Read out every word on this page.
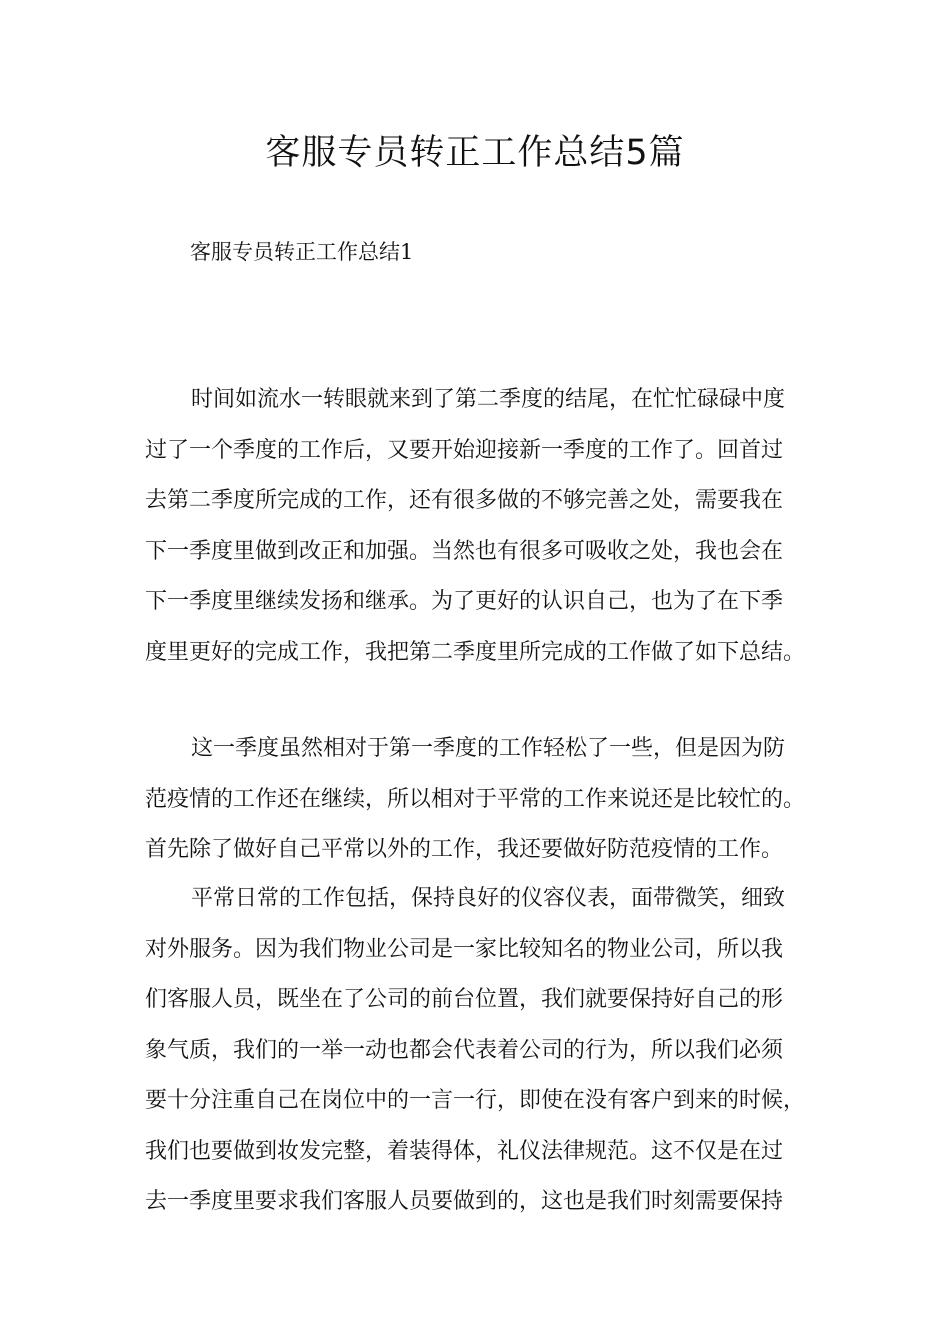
客服专员转正工作总结5篇

客服专员转正工作总结1

时间如流水一转眼就来到了第二季度的结尾，在忙忙碌碌中度
过了一个季度的工作后，又要开始迎接新一季度的工作了。回首过
去第二季度所完成的工作，还有很多做的不够完善之处，需要我在
下一季度里做到改正和加强。当然也有很多可吸收之处，我也会在
下一季度里继续发扬和继承。为了更好的认识自己，也为了在下季
度里更好的完成工作，我把第二季度里所完成的工作做了如下总结。

这一季度虽然相对于第一季度的工作轻松了一些，但是因为防
范疫情的工作还在继续，所以相对于平常的工作来说还是比较忙的。
首先除了做好自己平常以外的工作，我还要做好防范疫情的工作。

平常日常的工作包括，保持良好的仪容仪表，面带微笑，细致
对外服务。因为我们物业公司是一家比较知名的物业公司，所以我
们客服人员，既坐在了公司的前台位置，我们就要保持好自己的形
象气质，我们的一举一动也都会代表着公司的行为，所以我们必须
要十分注重自己在岗位中的一言一行，即使在没有客户到来的时候，
我们也要做到妆发完整，着装得体，礼仪法律规范。这不仅是在过
去一季度里要求我们客服人员要做到的，这也是我们时刻需要保持
